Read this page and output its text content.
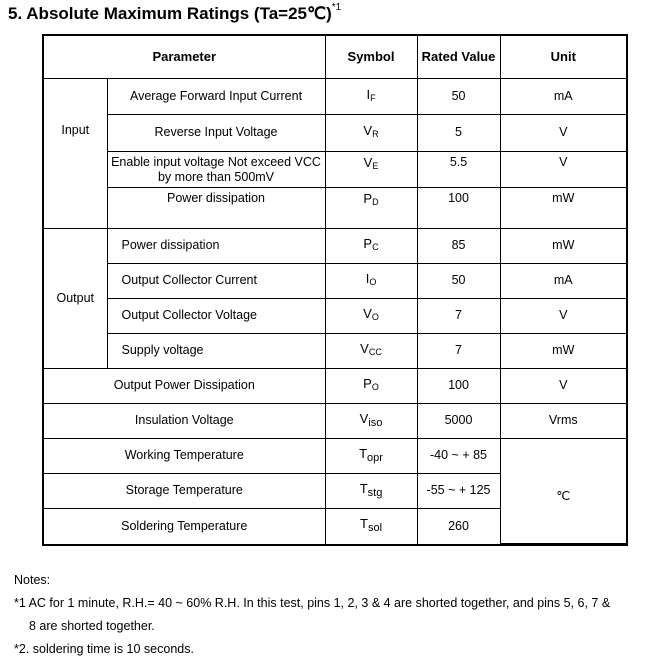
5. Absolute Maximum Ratings (Ta=25℃)$^{*1}$
Parameter		Symbol	Rated Value	Unit
Input	Average Forward Input Current	$I_F$	50	mA
	Reverse Input Voltage	$V_R$	5	V
	Enable input voltage Not exceed VCC
by more than 500mV	$V_E$	5.5	V
	Power dissipation	$P_D$	100	mW
Output	Power dissipation	$P_C$	85	mW
	Output Collector Current	$I_O$	50	mA
	Output Collector Voltage	$V_O$	7	V
	Supply voltage	$V_{CC}$	7	mW
Output Power Dissipation		$P_O$	100	V
Insulation Voltage		$V_{iso}$	5000	Vrms
Working Temperature		$T_{opr}$	-40 ~ + 85	℃
Storage Temperature		$T_{stg}$	-55 ~ + 125	
Soldering Temperature		$T_{sol}$	260	
Notes:
*1 AC for 1 minute, R.H.= 40 ~ 60% R.H. In this test, pins 1, 2, 3 & 4 are shorted together, and pins 5, 6, 7 &
8 are shorted together.
*2. soldering time is 10 seconds.
